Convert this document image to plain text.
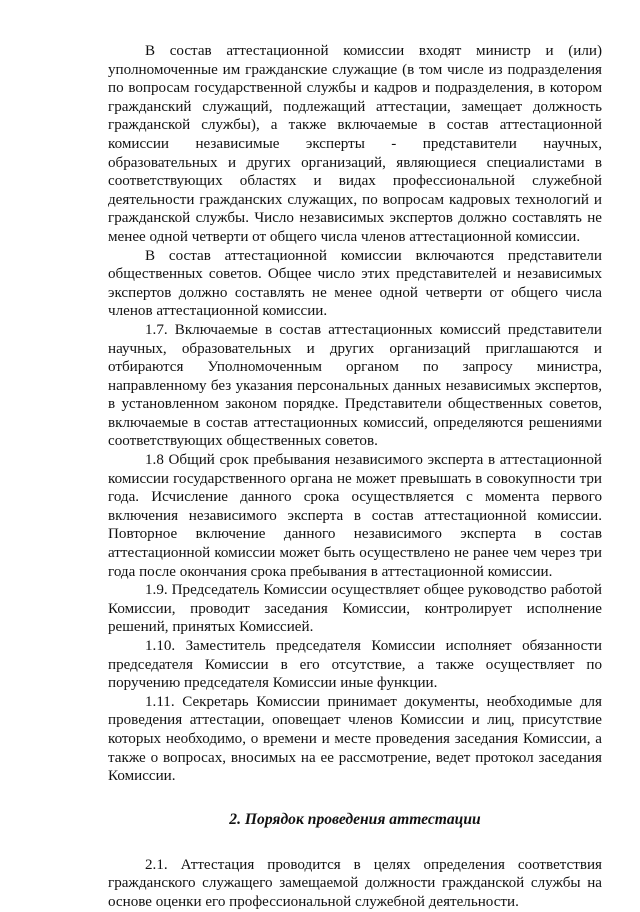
В состав аттестационной комиссии входят министр и (или) уполномоченные им гражданские служащие (в том числе из подразделения по вопросам государственной службы и кадров и подразделения, в котором гражданский служащий, подлежащий аттестации, замещает должность гражданской службы), а также включаемые в состав аттестационной комиссии независимые эксперты - представители научных, образовательных и других организаций, являющиеся специалистами в соответствующих областях и видах профессиональной служебной деятельности гражданских служащих, по вопросам кадровых технологий и гражданской службы. Число независимых экспертов должно составлять не менее одной четверти от общего числа членов аттестационной комиссии.

В состав аттестационной комиссии включаются представители общественных советов. Общее число этих представителей и независимых экспертов должно составлять не менее одной четверти от общего числа членов аттестационной комиссии.

1.7. Включаемые в состав аттестационных комиссий представители научных, образовательных и других организаций приглашаются и отбираются Уполномоченным органом по запросу министра, направленному без указания персональных данных независимых экспертов, в установленном законом порядке. Представители общественных советов, включаемые в состав аттестационных комиссий, определяются решениями соответствующих общественных советов.

1.8 Общий срок пребывания независимого эксперта в аттестационной комиссии государственного органа не может превышать в совокупности три года. Исчисление данного срока осуществляется с момента первого включения независимого эксперта в состав аттестационной комиссии. Повторное включение данного независимого эксперта в состав аттестационной комиссии может быть осуществлено не ранее чем через три года после окончания срока пребывания в аттестационной комиссии.

1.9. Председатель Комиссии осуществляет общее руководство работой Комиссии, проводит заседания Комиссии, контролирует исполнение решений, принятых Комиссией.

1.10. Заместитель председателя Комиссии исполняет обязанности председателя Комиссии в его отсутствие, а также осуществляет по поручению председателя Комиссии иные функции.

1.11. Секретарь Комиссии принимает документы, необходимые для проведения аттестации, оповещает членов Комиссии и лиц, присутствие которых необходимо, о времени и месте проведения заседания Комиссии, а также о вопросах, вносимых на ее рассмотрение, ведет протокол заседания Комиссии.

2. Порядок проведения аттестации

2.1. Аттестация проводится в целях определения соответствия гражданского служащего замещаемой должности гражданской службы на основе оценки его профессиональной служебной деятельности.
